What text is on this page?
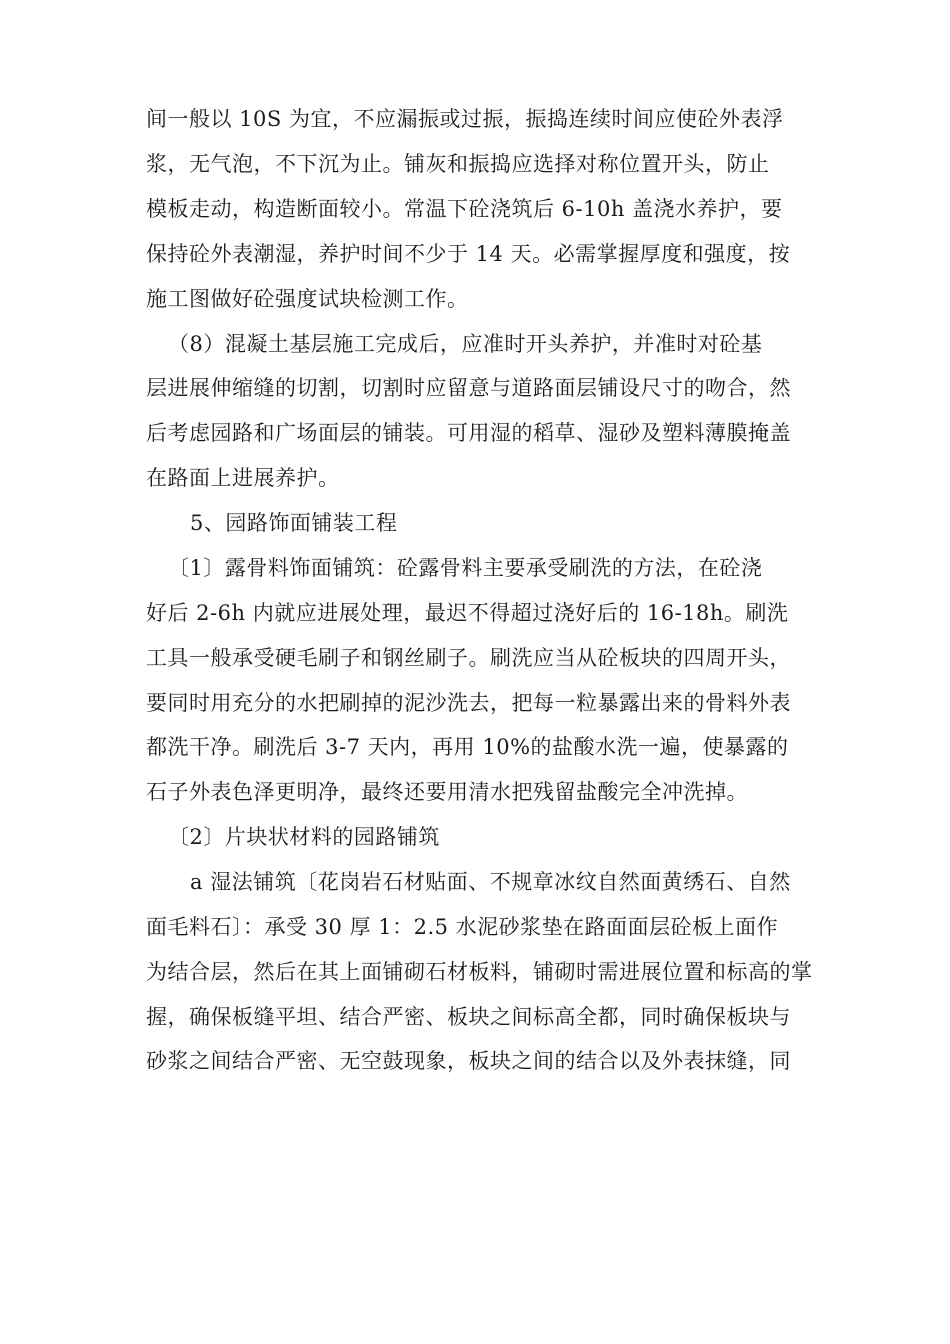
间一般以 10S 为宜，不应漏振或过振，振捣连续时间应使砼外表浮
浆，无气泡，不下沉为止。铺灰和振捣应选择对称位置开头，防止
模板走动，构造断面较小。常温下砼浇筑后 6-10h 盖浇水养护，要
保持砼外表潮湿，养护时间不少于 14 天。必需掌握厚度和强度，按
施工图做好砼强度试块检测工作。
（8）混凝土基层施工完成后，应准时开头养护，并准时对砼基
层进展伸缩缝的切割，切割时应留意与道路面层铺设尺寸的吻合，然
后考虑园路和广场面层的铺装。可用湿的稻草、湿砂及塑料薄膜掩盖
在路面上进展养护。
5、园路饰面铺装工程
〔1〕露骨料饰面铺筑：砼露骨料主要承受刷洗的方法，在砼浇
好后 2-6h 内就应进展处理，最迟不得超过浇好后的 16-18h。刷洗
工具一般承受硬毛刷子和钢丝刷子。刷洗应当从砼板块的四周开头，
要同时用充分的水把刷掉的泥沙洗去，把每一粒暴露出来的骨料外表
都洗干净。刷洗后 3-7 天内，再用 10%的盐酸水洗一遍，使暴露的
石子外表色泽更明净，最终还要用清水把残留盐酸完全冲洗掉。
〔2〕片块状材料的园路铺筑
a 湿法铺筑〔花岗岩石材贴面、不规章冰纹自然面黄绣石、自然
面毛料石〕：承受 30 厚 1：2.5 水泥砂浆垫在路面面层砼板上面作
为结合层，然后在其上面铺砌石材板料，铺砌时需进展位置和标高的掌
握，确保板缝平坦、结合严密、板块之间标高全都，同时确保板块与
砂浆之间结合严密、无空鼓现象，板块之间的结合以及外表抹缝，同
